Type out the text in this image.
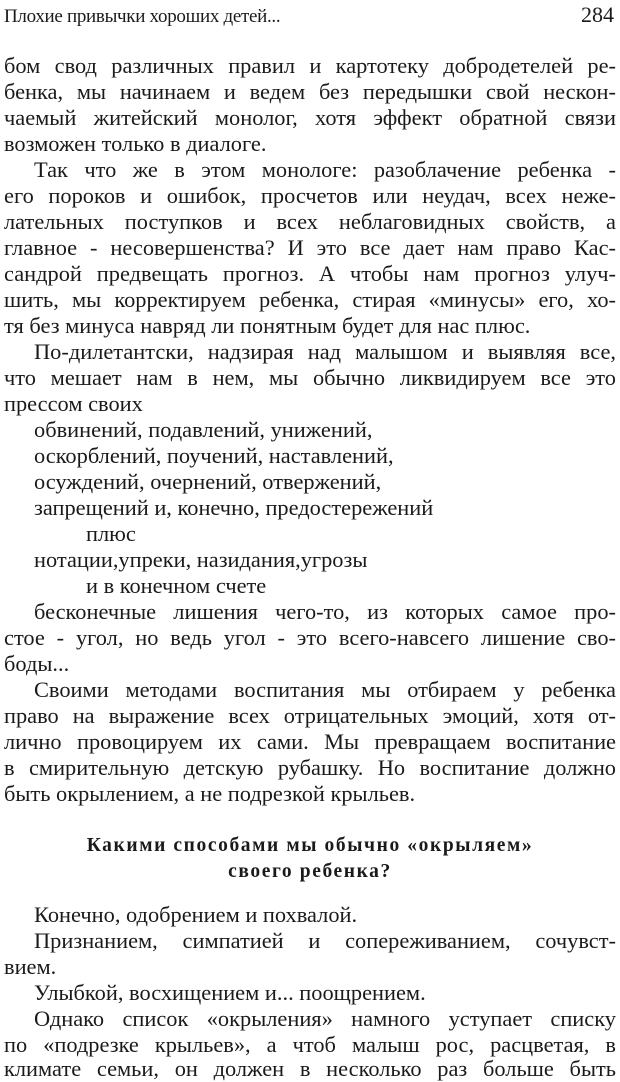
Плохие привычки хороших детей...	284
бом свод различных правил и картотеку добродетелей ре-
бенка, мы начинаем и ведем без передышки свой нескон-
чаемый житейский монолог, хотя эффект обратной связи
возможен только в диалоге.
Так что же в этом монологе: разоблачение ребенка -
его пороков и ошибок, просчетов или неудач, всех неже-
лательных поступков и всех неблаговидных свойств, а
главное - несовершенства? И это все дает нам право Кас-
сандрой предвещать прогноз. А чтобы нам прогноз улуч-
шить, мы корректируем ребенка, стирая «минусы» его, хо-
тя без минуса навряд ли понятным будет для нас плюс.
По-дилетантски, надзирая над малышом и выявляя все,
что мешает нам в нем, мы обычно ликвидируем все это
прессом своих
обвинений, подавлений, унижений,
оскорблений, поучений, наставлений,
осуждений, очернений, отвержений,
запрещений и, конечно, предостережений
плюс
нотации,упреки, назидания,угрозы
и в конечном счете
бесконечные лишения чего-то, из которых самое про-
стое - угол, но ведь угол - это всего-навсего лишение сво-
боды...
Своими методами воспитания мы отбираем у ребенка
право на выражение всех отрицательных эмоций, хотя от-
лично провоцируем их сами. Мы превращаем воспитание
в смирительную детскую рубашку. Но воспитание должно
быть окрылением, а не подрезкой крыльев.
Какими способами мы обычно «окрыляем»
своего ребенка?
Конечно, одобрением и похвалой.
Признанием, симпатией и сопереживанием, сочувст-
вием.
Улыбкой, восхищением и... поощрением.
Однако список «окрыления» намного уступает списку
по «подрезке крыльев», а чтоб малыш рос, расцветая, в
климате семьи, он должен в несколько раз больше быть
